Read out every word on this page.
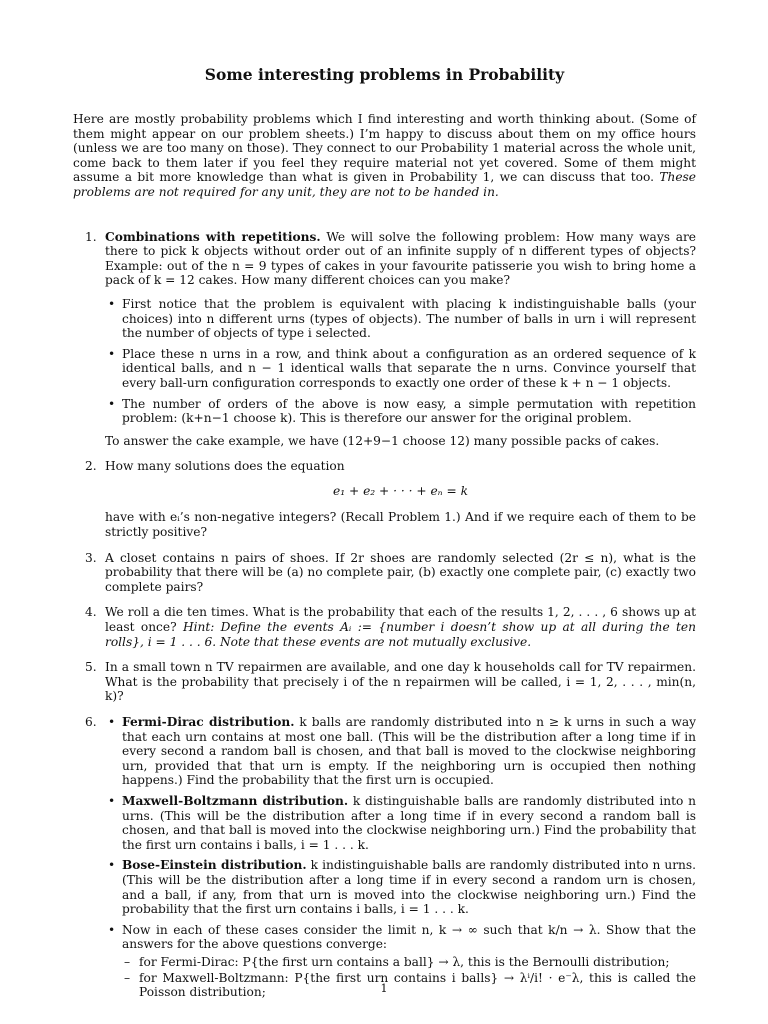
Some interesting problems in Probability

Here are mostly probability problems which I find interesting and worth thinking about. (Some of them might appear on our problem sheets.) I’m happy to discuss about them on my office hours (unless we are too many on those). They connect to our Probability 1 material across the whole unit, come back to them later if you feel they require material not yet covered. Some of them might assume a bit more knowledge than what is given in Probability 1, we can discuss that too. These problems are not required for any unit, they are not to be handed in.

1. Combinations with repetitions. We will solve the following problem: How many ways are there to pick k objects without order out of an infinite supply of n different types of objects? Example: out of the n = 9 types of cakes in your favourite patisserie you wish to bring home a pack of k = 12 cakes. How many different choices can you make?

• First notice that the problem is equivalent with placing k indistinguishable balls (your choices) into n different urns (types of objects). The number of balls in urn i will represent the number of objects of type i selected.
• Place these n urns in a row, and think about a configuration as an ordered sequence of k identical balls, and n − 1 identical walls that separate the n urns. Convince yourself that every ball-urn configuration corresponds to exactly one order of these k + n − 1 objects.
• The number of orders of the above is now easy, a simple permutation with repetition problem: (k+n−1 choose k). This is therefore our answer for the original problem.

To answer the cake example, we have (12+9−1 choose 12) many possible packs of cakes.

2. How many solutions does the equation

e₁ + e₂ + · · · + eₙ = k

have with eᵢ’s non-negative integers? (Recall Problem 1.) And if we require each of them to be strictly positive?

3. A closet contains n pairs of shoes. If 2r shoes are randomly selected (2r ≤ n), what is the probability that there will be (a) no complete pair, (b) exactly one complete pair, (c) exactly two complete pairs?

4. We roll a die ten times. What is the probability that each of the results 1, 2, . . . , 6 shows up at least once? Hint: Define the events Aᵢ := {number i doesn’t show up at all during the ten rolls}, i = 1 . . . 6. Note that these events are not mutually exclusive.

5. In a small town n TV repairmen are available, and one day k households call for TV repairmen. What is the probability that precisely i of the n repairmen will be called, i = 1, 2, . . . , min(n, k)?

6.
•	Fermi-Dirac distribution. k balls are randomly distributed into n ≥ k urns in such a way that each urn contains at most one ball. (This will be the distribution after a long time if in every second a random ball is chosen, and that ball is moved to the clockwise neighboring urn, provided that that urn is empty. If the neighboring urn is occupied then nothing happens.) Find the probability that the first urn is occupied.
• Maxwell-Boltzmann distribution. k distinguishable balls are randomly distributed into n urns. (This will be the distribution after a long time if in every second a random ball is chosen, and that ball is moved into the clockwise neighboring urn.) Find the probability that the first urn contains i balls, i = 1 . . . k.
• Bose-Einstein distribution. k indistinguishable balls are randomly distributed into n urns. (This will be the distribution after a long time if in every second a random urn is chosen, and a ball, if any, from that urn is moved into the clockwise neighboring urn.) Find the probability that the first urn contains i balls, i = 1 . . . k.
• Now in each of these cases consider the limit n, k → ∞ such that k/n → λ. Show that the answers for the above questions converge:
– for Fermi-Dirac: P{the first urn contains a ball} → λ, this is the Bernoulli distribution;
– for Maxwell-Boltzmann: P{the first urn contains i balls} → λⁱ/i! · e⁻λ, this is called the Poisson distribution;	1
